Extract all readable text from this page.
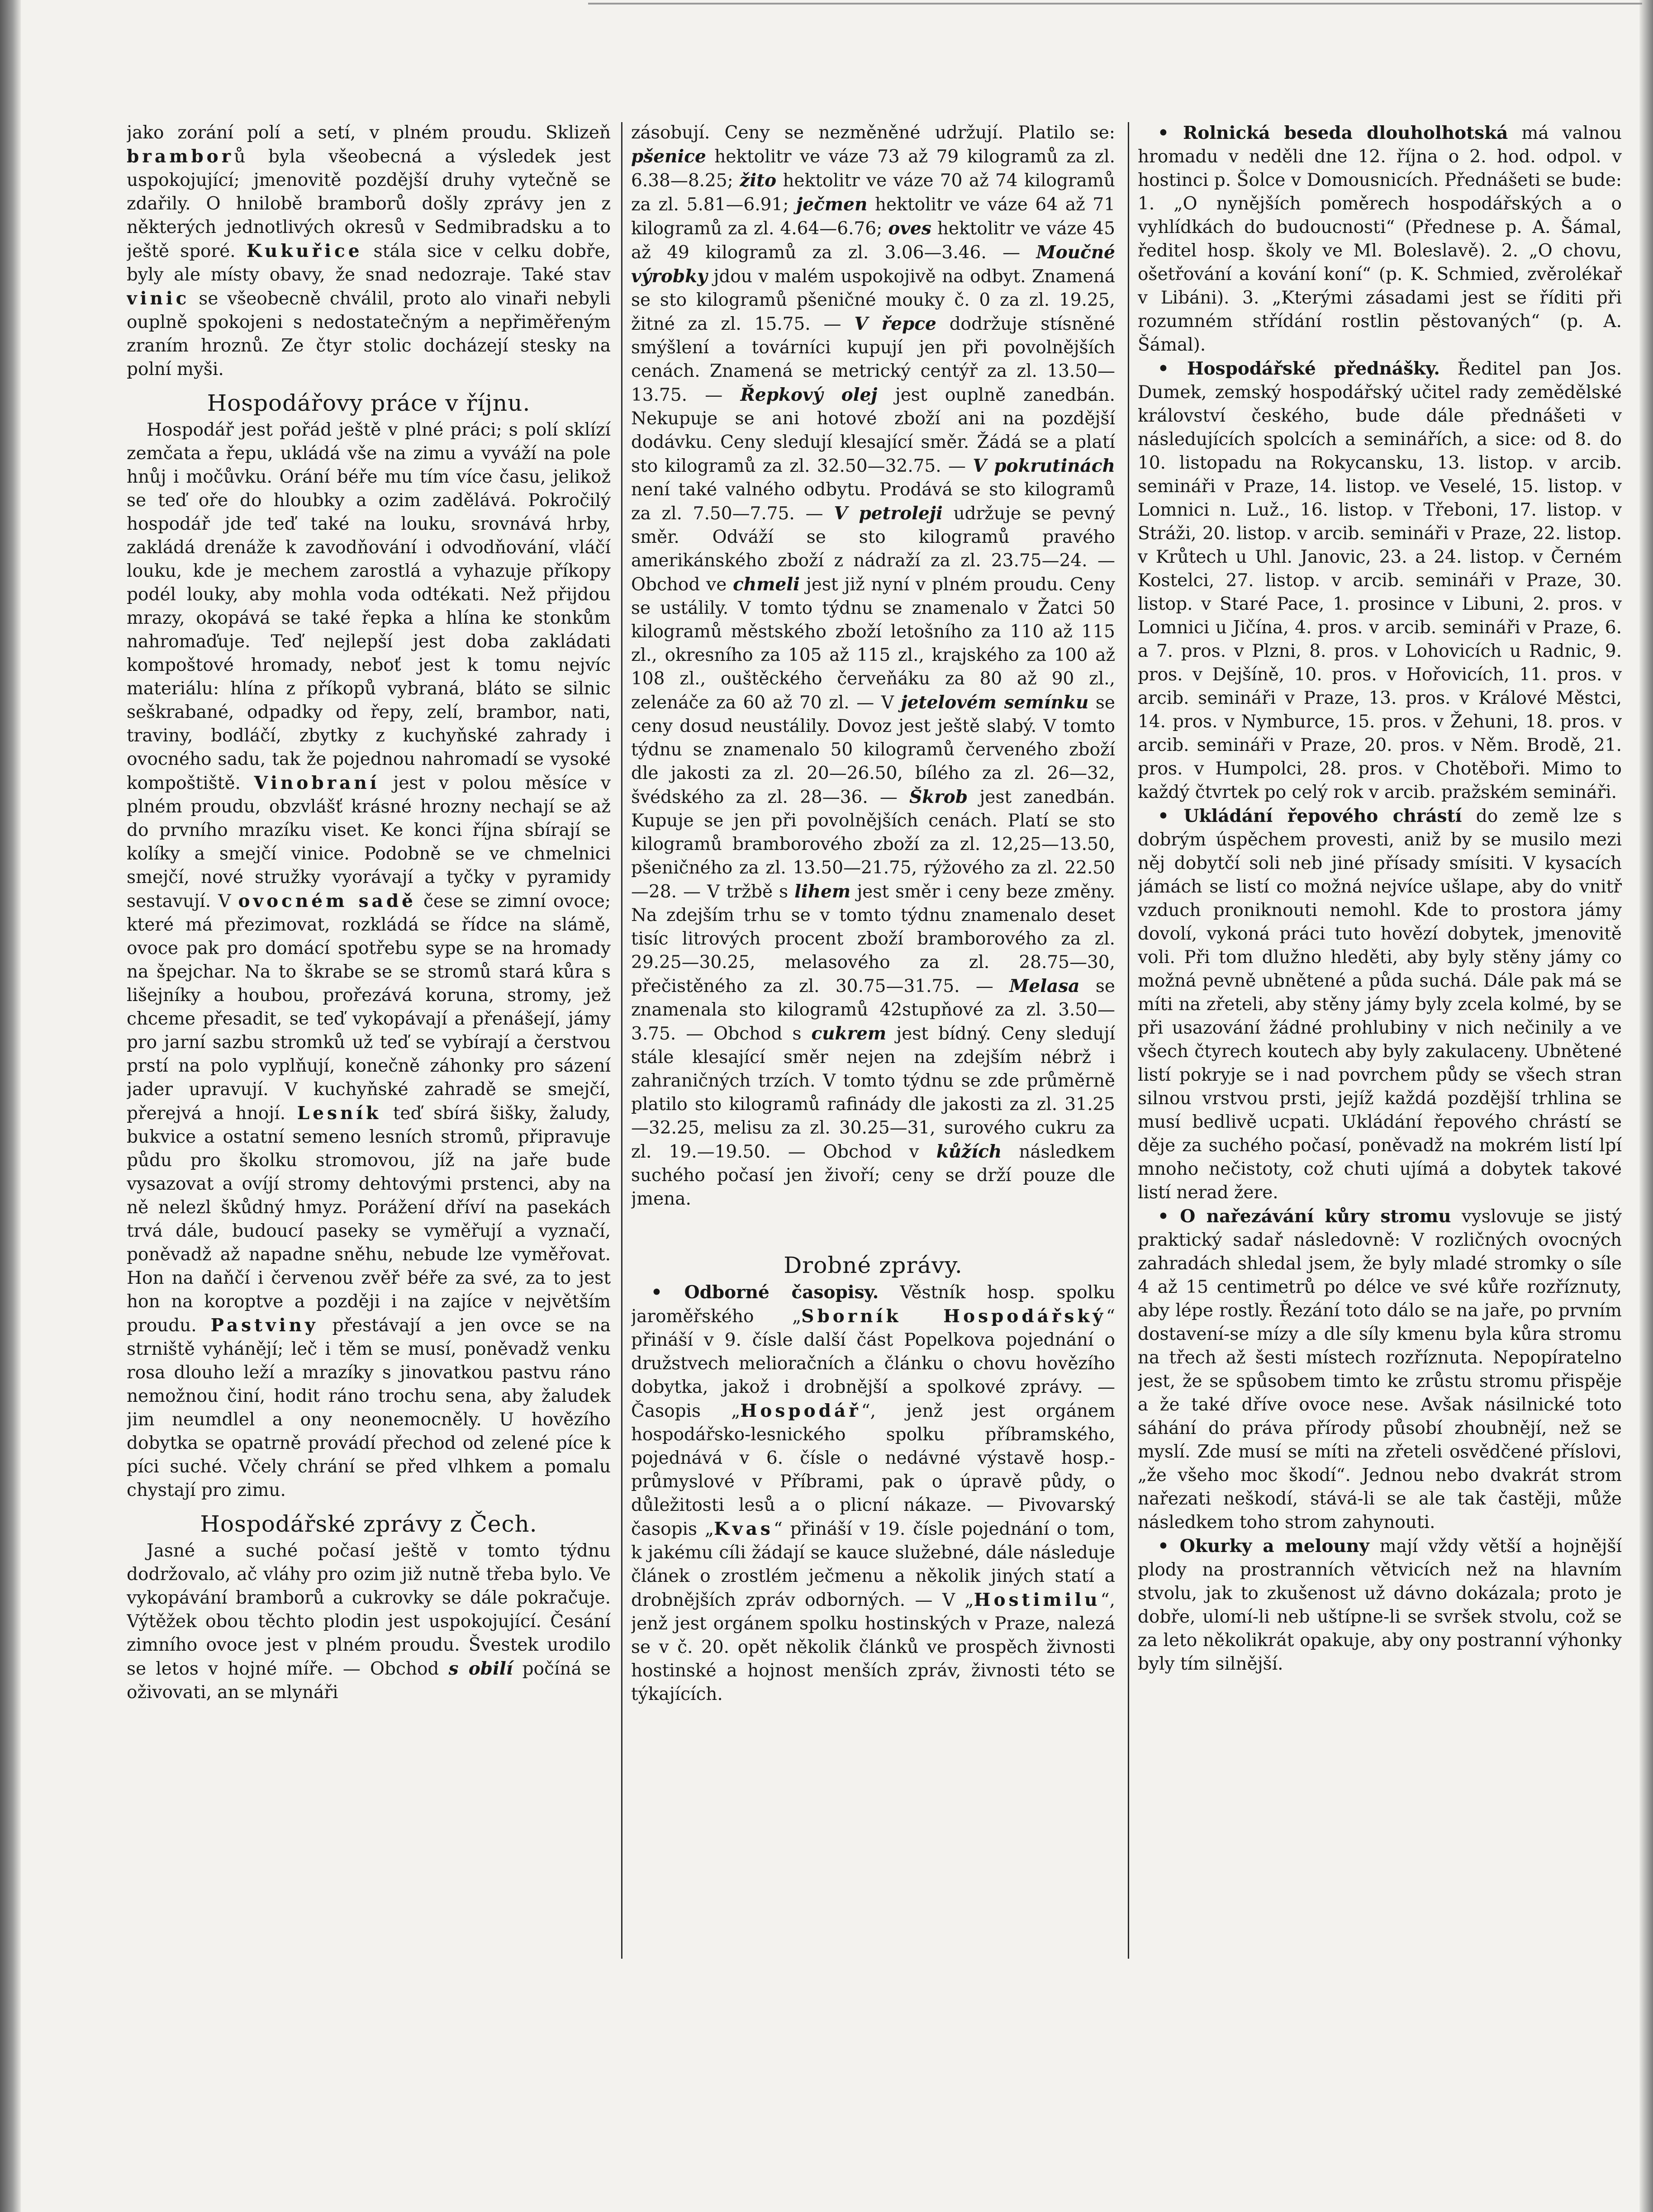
jako zorání polí a setí, v plném proudu. Sklizeň bramborů byla všeobecná a výsledek jest uspokojující; jmenovitě pozdější druhy vytečně se zdařily. O hnilobě bramborů došly zprávy jen z některých jednotlivých okresů v Sedmibradsku a to ještě sporé. Kukuřice stála sice v celku dobře, byly ale místy obavy, že snad nedozraje. Také stav vinic se všeobecně chválil, proto alo vinaři nebyli ouplně spokojeni s nedostatečným a nepřiměřeným zraním hroznů. Ze čtyr stolic docházejí stesky na polní myši.

Hospodářovy práce v říjnu.

Hospodář jest pořád ještě v plné práci; s polí sklízí zemčata a řepu, ukládá vše na zimu a vyváží na pole hnůj i močůvku. Orání béře mu tím více času, jelikož se teď oře do hloubky a ozim zadělává. Pokročilý hospodář jde teď také na louku, srovnává hrby, zakládá drenáže k zavodňování i odvodňování, vláčí louku, kde je mechem zarostlá a vyhazuje příkopy podél louky, aby mohla voda odtékati. Než přijdou mrazy, okopává se také řepka a hlína ke stonkům nahromaďuje. Teď nejlepší jest doba zakládati kompoštové hromady, neboť jest k tomu nejvíc materiálu: hlína z příkopů vybraná, bláto se silnic seškrabané, odpadky od řepy, zelí, brambor, nati, traviny, bodláčí, zbytky z kuchyňské zahrady i ovocného sadu, tak že pojednou nahromadí se vysoké kompoštiště. Vinobraní jest v polou měsíce v plném proudu, obzvlášť krásné hrozny nechají se až do prvního mrazíku viset. Ke konci října sbírají se kolíky a smejčí vinice. Podobně se ve chmelnici smejčí, nové stružky vyorávají a tyčky v pyramidy sestavují. V ovocném sadě čese se zimní ovoce; které má přezimovat, rozkládá se řídce na slámě, ovoce pak pro domácí spotřebu sype se na hromady na špejchar. Na to škrabe se se stromů stará kůra s lišejníky a houbou, prořezává koruna, stromy, jež chceme přesadit, se teď vykopávají a přenášejí, jámy pro jarní sazbu stromků už teď se vybírají a čerstvou prstí na polo vyplňují, konečně záhonky pro sázení jader upravují. V kuchyňské zahradě se smejčí, přerejvá a hnojí. Lesník teď sbírá šišky, žaludy, bukvice a ostatní semeno lesních stromů, připravuje půdu pro školku stromovou, jíž na jaře bude vysazovat a ovíjí stromy dehtovými prstenci, aby na ně nelezl škůdný hmyz. Porážení dříví na pasekách trvá dále, budoucí paseky se vyměřují a vyznačí, poněvadž až napadne sněhu, nebude lze vyměřovat. Hon na daňčí i červenou zvěř béře za své, za to jest hon na koroptve a později i na zajíce v největším proudu. Pastviny přestávají a jen ovce se na strniště vyhánějí; leč i těm se musí, poněvadž venku rosa dlouho leží a mrazíky s jinovatkou pastvu ráno nemožnou činí, hodit ráno trochu sena, aby žaludek jim neumdlel a ony neonemocněly. U hovězího dobytka se opatrně provádí přechod od zelené píce k píci suché. Včely chrání se před vlhkem a pomalu chystají pro zimu.

Hospodářské zprávy z Čech.

Jasné a suché počasí ještě v tomto týdnu dodržovalo, ač vláhy pro ozim již nutně třeba bylo. Ve vykopávání bramborů a cukrovky se dále pokračuje. Výtěžek obou těchto plodin jest uspokojující. Česání zimního ovoce jest v plném proudu. Švestek urodilo se letos v hojné míře. — Obchod s obilí počíná se oživovati, an se mlynáři

zásobují. Ceny se nezměněné udržují. Platilo se: pšenice hektolitr ve váze 73 až 79 kilogramů za zl. 6.38—8.25; žito hektolitr ve váze 70 až 74 kilogramů za zl. 5.81—6.91; ječmen hektolitr ve váze 64 až 71 kilogramů za zl. 4.64—6.76; oves hektolitr ve váze 45 až 49 kilogramů za zl. 3.06—3.46. — Moučné výrobky jdou v malém uspokojivě na odbyt. Znamená se sto kilogramů pšeničné mouky č. 0 za zl. 19.25, žitné za zl. 15.75. — V řepce dodržuje stísněné smýšlení a továrníci kupují jen při povolnějších cenách. Znamená se metrický centýř za zl. 13.50—13.75. — Řepkový olej jest ouplně zanedbán. Nekupuje se ani hotové zboží ani na pozdější dodávku. Ceny sledují klesající směr. Žádá se a platí sto kilogramů za zl. 32.50—32.75. — V pokrutinách není také valného odbytu. Prodává se sto kilogramů za zl. 7.50—7.75. — V petroleji udržuje se pevný směr. Odváží se sto kilogramů pravého amerikánského zboží z nádraží za zl. 23.75—24. — Obchod ve chmeli jest již nyní v plném proudu. Ceny se ustálily. V tomto týdnu se znamenalo v Žatci 50 kilogramů městského zboží letošního za 110 až 115 zl., okresního za 105 až 115 zl., krajského za 100 až 108 zl., ouštěckého červeňáku za 80 až 90 zl., zelenáče za 60 až 70 zl. — V jetelovém semínku se ceny dosud neustálily. Dovoz jest ještě slabý. V tomto týdnu se znamenalo 50 kilogramů červeného zboží dle jakosti za zl. 20—26.50, bílého za zl. 26—32, švédského za zl. 28—36. — Škrob jest zanedbán. Kupuje se jen při povolnějších cenách. Platí se sto kilogramů bramborového zboží za zl. 12,25—13.50, pšeničného za zl. 13.50—21.75, rýžového za zl. 22.50—28. — V tržbě s lihem jest směr i ceny beze změny. Na zdejším trhu se v tomto týdnu znamenalo deset tisíc litrových procent zboží bramborového za zl. 29.25—30.25, melasového za zl. 28.75—30, přečistěného za zl. 30.75—31.75. — Melasa se znamenala sto kilogramů 42stupňové za zl. 3.50—3.75. — Obchod s cukrem jest bídný. Ceny sledují stále klesající směr nejen na zdejším nébrž i zahraničných trzích. V tomto týdnu se zde průměrně platilo sto kilogramů rafinády dle jakosti za zl. 31.25—32.25, melisu za zl. 30.25—31, surového cukru za zl. 19.—19.50. — Obchod v kůžích následkem suchého počasí jen živoří; ceny se drží pouze dle jmena.

Drobné zprávy.

• Odborné časopisy. Věstník hosp. spolku jaroměřského „Sborník Hospodářský“ přináší v 9. čísle další část Popelkova pojednání o družstvech melioračních a článku o chovu hovězího dobytka, jakož i drobnější a spolkové zprávy. — Časopis „Hospodář“, jenž jest orgánem hospodářsko-lesnického spolku příbramského, pojednává v 6. čísle o nedávné výstavě hosp.-průmyslové v Příbrami, pak o úpravě půdy, o důležitosti lesů a o plicní nákaze. — Pivovarský časopis „Kvas“ přináší v 19. čísle pojednání o tom, k jakému cíli žádají se kauce služebné, dále následuje článek o zrostlém ječmenu a několik jiných statí a drobnějších zpráv odborných. — V „Hostimilu“, jenž jest orgánem spolku hostinských v Praze, nalezá se v č. 20. opět několik článků ve prospěch živnosti hostinské a hojnost menších zpráv, živnosti této se týkajících.

• Rolnická beseda dlouholhotská má valnou hromadu v neděli dne 12. října o 2. hod. odpol. v hostinci p. Šolce v Domousnicích. Přednášeti se bude: 1. „O nynějších poměrech hospodářských a o vyhlídkách do budoucnosti“ (Přednese p. A. Šámal, ředitel hosp. školy ve Ml. Boleslavě). 2. „O chovu, ošetřování a kování koní“ (p. K. Schmied, zvěrolékař v Libáni). 3. „Kterými zásadami jest se říditi při rozumném střídání rostlin pěstovaných“ (p. A. Šámal).

• Hospodářské přednášky. Ředitel pan Jos. Dumek, zemský hospodářský učitel rady zemědělské království českého, bude dále přednášeti v následujících spolcích a seminářích, a sice: od 8. do 10. listopadu na Rokycansku, 13. listop. v arcib. semináři v Praze, 14. listop. ve Veselé, 15. listop. v Lomnici n. Luž., 16. listop. v Třeboni, 17. listop. v Stráži, 20. listop. v arcib. semináři v Praze, 22. listop. v Krůtech u Uhl. Janovic, 23. a 24. listop. v Černém Kostelci, 27. listop. v arcib. semináři v Praze, 30. listop. v Staré Pace, 1. prosince v Libuni, 2. pros. v Lomnici u Jičína, 4. pros. v arcib. semináři v Praze, 6. a 7. pros. v Plzni, 8. pros. v Lohovicích u Radnic, 9. pros. v Dejšíně, 10. pros. v Hořovicích, 11. pros. v arcib. semináři v Praze, 13. pros. v Králové Městci, 14. pros. v Nymburce, 15. pros. v Žehuni, 18. pros. v arcib. semináři v Praze, 20. pros. v Něm. Brodě, 21. pros. v Humpolci, 28. pros. v Chotěboři. Mimo to každý čtvrtek po celý rok v arcib. pražském semináři.

• Ukládání řepového chrástí do země lze s dobrým úspěchem provesti, aniž by se musilo mezi něj dobytčí soli neb jiné přísady smísiti. V kysacích jámách se listí co možná nejvíce ušlape, aby do vnitř vzduch proniknouti nemohl. Kde to prostora jámy dovolí, vykoná práci tuto hovězí dobytek, jmenovitě voli. Při tom dlužno hleděti, aby byly stěny jámy co možná pevně ubnětené a půda suchá. Dále pak má se míti na zřeteli, aby stěny jámy byly zcela kolmé, by se při usazování žádné prohlubiny v nich nečinily a ve všech čtyrech koutech aby byly zakulaceny. Ubnětené listí pokryje se i nad povrchem půdy se všech stran silnou vrstvou prsti, jejíž každá pozdější trhlina se musí bedlivě ucpati. Ukládání řepového chrástí se děje za suchého počasí, poněvadž na mokrém listí lpí mnoho nečistoty, což chuti ujímá a dobytek takové listí nerad žere.

• O nařezávání kůry stromu vyslovuje se jistý praktický sadař následovně: V rozličných ovocných zahradách shledal jsem, že byly mladé stromky o síle 4 až 15 centimetrů po délce ve své kůře rozříznuty, aby lépe rostly. Řezání toto dálo se na jaře, po prvním dostavení-se mízy a dle síly kmenu byla kůra stromu na třech až šesti místech rozříznuta. Nepopíratelno jest, že se spůsobem timto ke zrůstu stromu přispěje a že také dříve ovoce nese. Avšak násilnické toto sáhání do práva přírody působí zhoubnějí, než se myslí. Zde musí se míti na zřeteli osvědčené příslovi, „že všeho moc škodí“. Jednou nebo dvakrát strom nařezati neškodí, stává-li se ale tak častěji, může následkem toho strom zahynouti.

• Okurky a melouny mají vždy větší a hojnější plody na prostranních větvicích než na hlavním stvolu, jak to zkušenost už dávno dokázala; proto je dobře, ulomí-li neb uštípne-li se svršek stvolu, což se za leto několikrát opakuje, aby ony postranní výhonky byly tím silnější.
